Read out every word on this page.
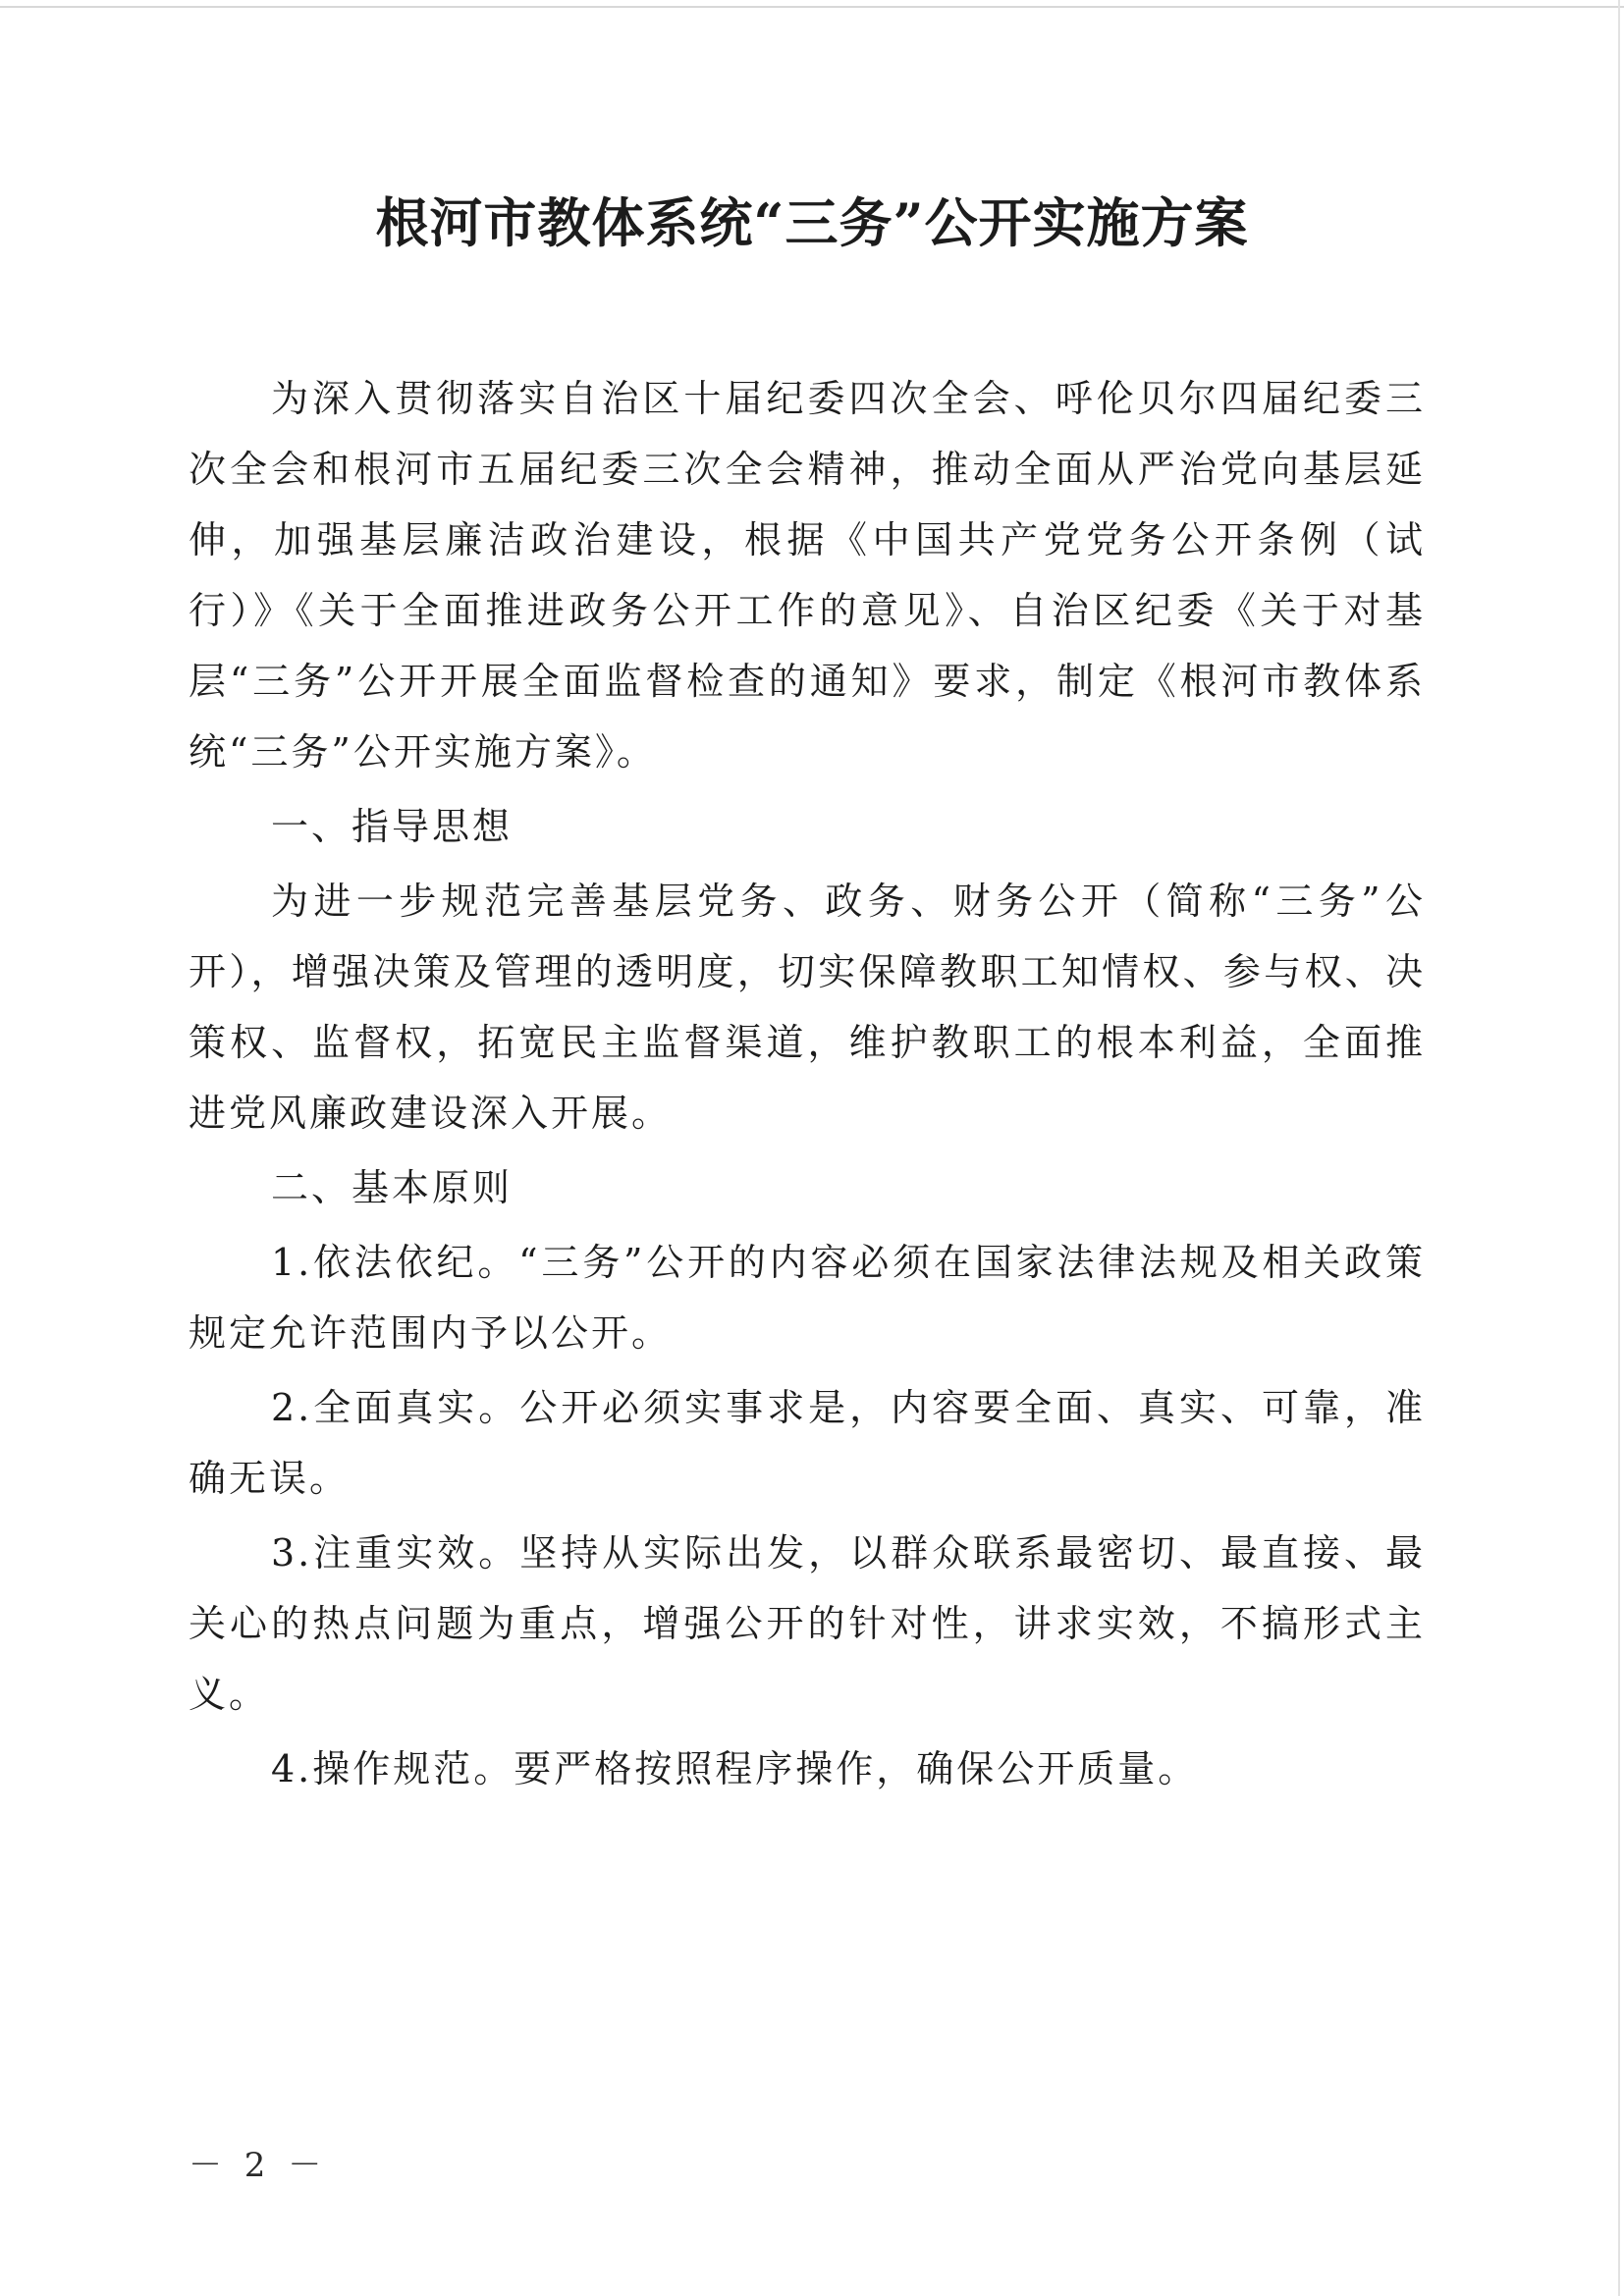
根河市教体系统“三务”公开实施方案

为深入贯彻落实自治区十届纪委四次全会、呼伦贝尔四届纪委三次全会和根河市五届纪委三次全会精神，推动全面从严治党向基层延伸，加强基层廉洁政治建设，根据《中国共产党党务公开条例（试行）》《关于全面推进政务公开工作的意见》、自治区纪委《关于对基层“三务”公开开展全面监督检查的通知》要求，制定《根河市教体系统“三务”公开实施方案》。

一、指导思想

为进一步规范完善基层党务、政务、财务公开（简称“三务”公开），增强决策及管理的透明度，切实保障教职工知情权、参与权、决策权、监督权，拓宽民主监督渠道，维护教职工的根本利益，全面推进党风廉政建设深入开展。

二、基本原则

1.依法依纪。“三务”公开的内容必须在国家法律法规及相关政策规定允许范围内予以公开。

2.全面真实。公开必须实事求是，内容要全面、真实、可靠，准确无误。

3.注重实效。坚持从实际出发，以群众联系最密切、最直接、最关心的热点问题为重点，增强公开的针对性，讲求实效，不搞形式主义。

4.操作规范。要严格按照程序操作，确保公开质量。

－ 2 －
